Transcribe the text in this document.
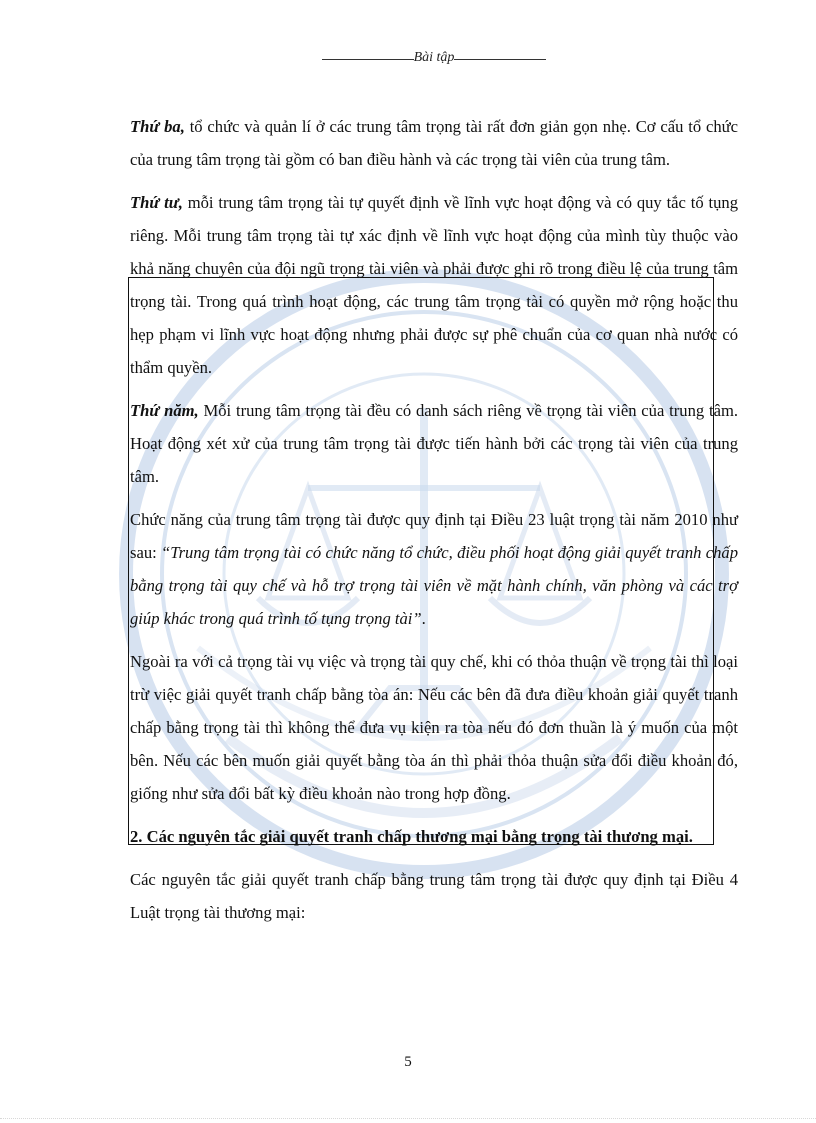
Bài tập

Thứ ba, tổ chức và quản lí ở các trung tâm trọng tài rất đơn giản gọn nhẹ. Cơ cấu tổ chức của trung tâm trọng tài gồm có ban điều hành và các trọng tài viên của trung tâm.

Thứ tư, mỗi trung tâm trọng tài tự quyết định về lĩnh vực hoạt động và có quy tắc tố tụng riêng. Mỗi trung tâm trọng tài tự xác định về lĩnh vực hoạt động của mình tùy thuộc vào khả năng chuyên của đội ngũ trọng tài viên và phải được ghi rõ trong điều lệ của trung tâm trọng tài. Trong quá trình hoạt động, các trung tâm trọng tài có quyền mở rộng hoặc thu hẹp phạm vi lĩnh vực hoạt động nhưng phải được sự phê chuẩn của cơ quan nhà nước có thẩm quyền.

Thứ năm, Mỗi trung tâm trọng tài đều có danh sách riêng về trọng tài viên của trung tâm. Hoạt động xét xử của trung tâm trọng tài được tiến hành bởi các trọng tài viên của trung tâm.

Chức năng của trung tâm trọng tài được quy định tại Điều 23 luật trọng tài năm 2010 như sau: “Trung tâm trọng tài có chức năng tổ chức, điều phối hoạt động giải quyết tranh chấp bằng trọng tài quy chế và hỗ trợ trọng tài viên về mặt hành chính, văn phòng và các trợ giúp khác trong quá trình tố tụng trọng tài”.

Ngoài ra với cả trọng tài vụ việc và trọng tài quy chế, khi có thỏa thuận về trọng tài thì loại trừ việc giải quyết tranh chấp bằng tòa án: Nếu các bên đã đưa điều khoản giải quyết tranh chấp bằng trọng tài thì không thể đưa vụ kiện ra tòa nếu đó đơn thuần là ý muốn của một bên. Nếu các bên muốn giải quyết bằng tòa án thì phải thỏa thuận sửa đổi điều khoản đó, giống như sửa đổi bất kỳ điều khoản nào trong hợp đồng.

2. Các nguyên tắc giải quyết tranh chấp thương mại bằng trọng tài thương mại.

Các nguyên tắc giải quyết tranh chấp bằng trung tâm trọng tài được quy định tại Điều 4 Luật trọng tài thương mại:

5
